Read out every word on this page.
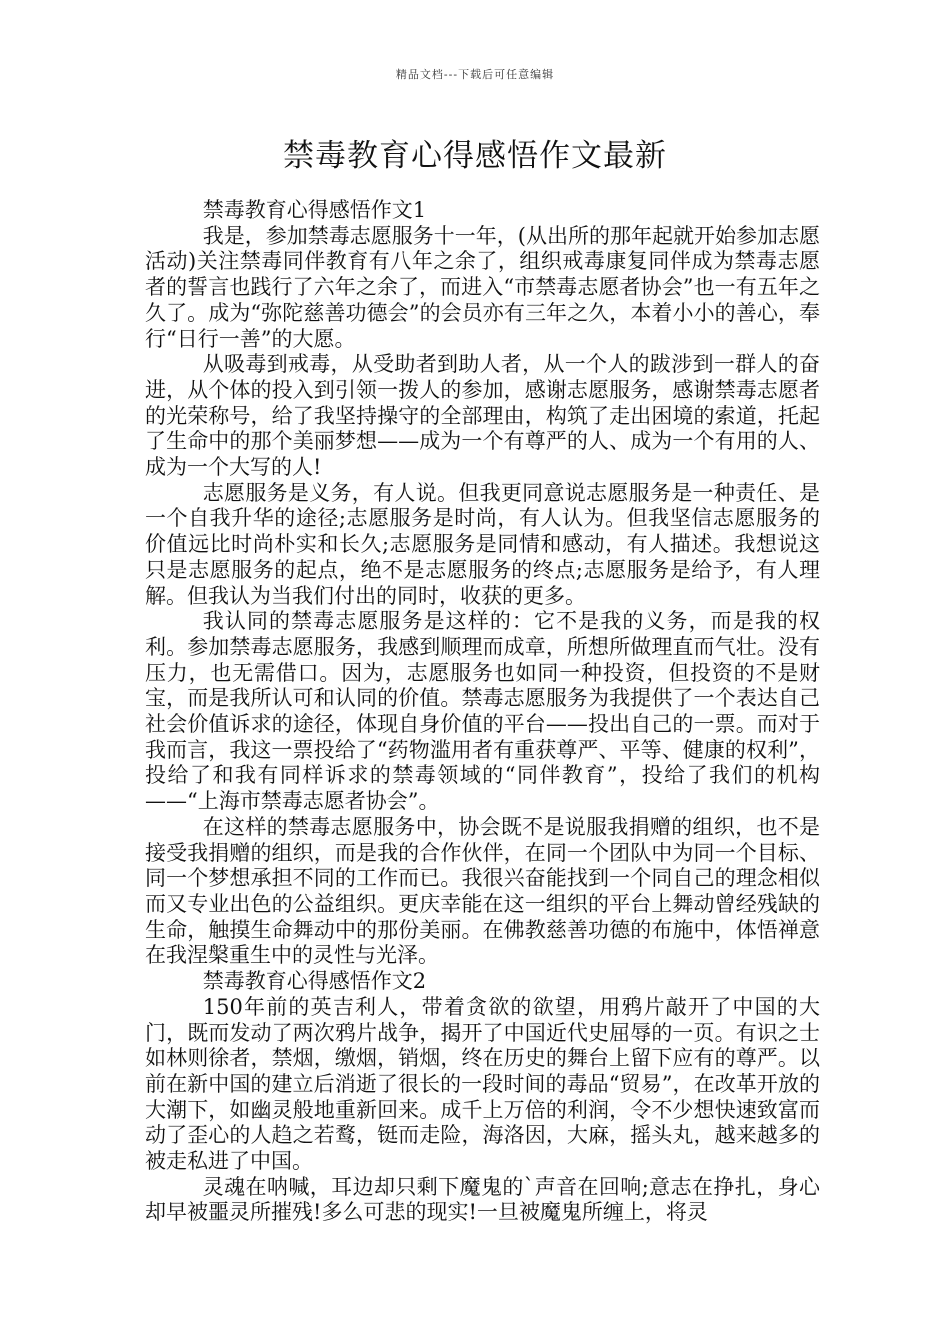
精品文档---下载后可任意编辑
禁毒教育心得感悟作文最新

禁毒教育心得感悟作文1

我是，参加禁毒志愿服务十一年，(从出所的那年起就开始参加志愿活动)关注禁毒同伴教育有八年之余了，组织戒毒康复同伴成为禁毒志愿者的誓言也践行了六年之余了，而进入“市禁毒志愿者协会”也一有五年之久了。成为“弥陀慈善功德会”的会员亦有三年之久，本着小小的善心，奉行“日行一善”的大愿。

从吸毒到戒毒，从受助者到助人者，从一个人的跋涉到一群人的奋进，从个体的投入到引领一拨人的参加，感谢志愿服务，感谢禁毒志愿者的光荣称号，给了我坚持操守的全部理由，构筑了走出困境的索道，托起了生命中的那个美丽梦想——成为一个有尊严的人、成为一个有用的人、成为一个大写的人!

志愿服务是义务，有人说。但我更同意说志愿服务是一种责任、是一个自我升华的途径;志愿服务是时尚，有人认为。但我坚信志愿服务的价值远比时尚朴实和长久;志愿服务是同情和感动，有人描述。我想说这只是志愿服务的起点，绝不是志愿服务的终点;志愿服务是给予，有人理解。但我认为当我们付出的同时，收获的更多。

我认同的禁毒志愿服务是这样的：它不是我的义务，而是我的权利。参加禁毒志愿服务，我感到顺理而成章，所想所做理直而气壮。没有压力，也无需借口。因为，志愿服务也如同一种投资，但投资的不是财宝，而是我所认可和认同的价值。禁毒志愿服务为我提供了一个表达自己社会价值诉求的途径，体现自身价值的平台——投出自己的一票。而对于我而言，我这一票投给了“药物滥用者有重获尊严、平等、健康的权利”，投给了和我有同样诉求的禁毒领域的“同伴教育”，投给了我们的机构——“上海市禁毒志愿者协会”。

在这样的禁毒志愿服务中，协会既不是说服我捐赠的组织，也不是接受我捐赠的组织，而是我的合作伙伴，在同一个团队中为同一个目标、同一个梦想承担不同的工作而已。我很兴奋能找到一个同自己的理念相似而又专业出色的公益组织。更庆幸能在这一组织的平台上舞动曾经残缺的生命，触摸生命舞动中的那份美丽。在佛教慈善功德的布施中，体悟禅意在我涅槃重生中的灵性与光泽。

禁毒教育心得感悟作文2

150年前的英吉利人，带着贪欲的欲望，用鸦片敲开了中国的大门，既而发动了两次鸦片战争，揭开了中国近代史屈辱的一页。有识之士如林则徐者，禁烟，缴烟，销烟，终在历史的舞台上留下应有的尊严。以前在新中国的建立后消逝了很长的一段时间的毒品“贸易”，在改革开放的大潮下，如幽灵般地重新回来。成千上万倍的利润，令不少想快速致富而动了歪心的人趋之若鹜，铤而走险，海洛因，大麻，摇头丸，越来越多的被走私进了中国。

灵魂在呐喊，耳边却只剩下魔鬼的`声音在回响;意志在挣扎，身心却早被噩灵所摧残!多么可悲的现实!一旦被魔鬼所缠上，将灵
